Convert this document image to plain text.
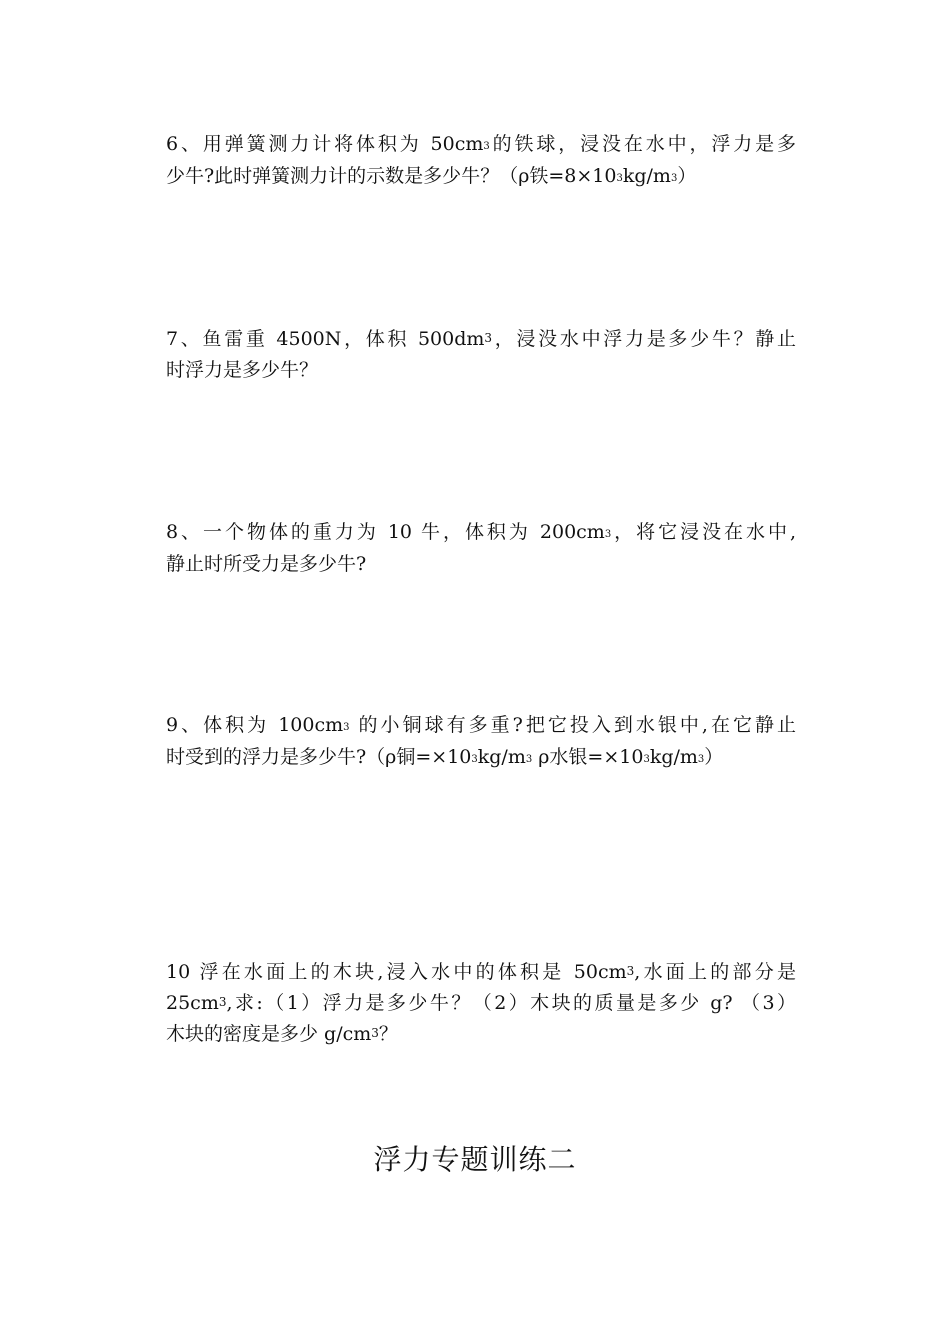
6、用弹簧测力计将体积为 $50cm^3$的铁球，浸没在水中，浮力是多
少牛?此时弹簧测力计的示数是多少牛？（ρ铁$=8\times 10^3kg/m^3$）
7、鱼雷重 4500N，体积 $500dm^3$，浸没水中浮力是多少牛？静止
时浮力是多少牛？
8、一个物体的重力为 10 牛，体积为 $200cm^3$，将它浸没在水中,
静止时所受力是多少牛?
9、体积为 $100cm^3$ 的小铜球有多重?把它投入到水银中,在它静止
时受到的浮力是多少牛?（ρ铜$=\times 10^3kg/m^3$ ρ水银$=\times 10^3kg/m^3$）
10 浮在水面上的木块,浸入水中的体积是 $50cm^3$,水面上的部分是
$25cm^3$,求:（1）浮力是多少牛？（2）木块的质量是多少 g? （3）
木块的密度是多少 $g/cm^3$？
浮力专题训练二
